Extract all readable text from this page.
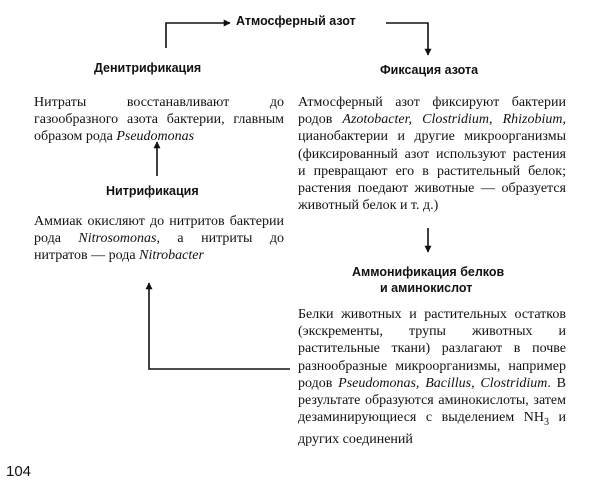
Атмосферный азот
Денитрификация
Нитраты восстанавливают до газообразного азота бактерии, главным образом рода Pseudomonas
Фиксация азота
Атмосферный азот фиксируют бактерии родов Azotobacter, Clostridium, Rhizobium, цианобактерии и другие микроорганизмы (фиксированный азот используют растения и превращают его в растительный белок; растения поедают животные — образуется животный белок и т. д.)
Нитрификация
Аммиак окисляют до нитритов бактерии рода Nitrosomonas, а нитриты до нитратов — рода Nitrobacter
Аммонификация белков
и аминокислот
Белки животных и растительных остатков (экскременты, трупы животных и растительные ткани) разлагают в почве разнообразные микроорганизмы, например родов Pseudomonas, Bacillus, Clostridium. В результате образуются аминокислоты, затем дезаминирующиеся с выделением $NH_3$ и других соединений
104
